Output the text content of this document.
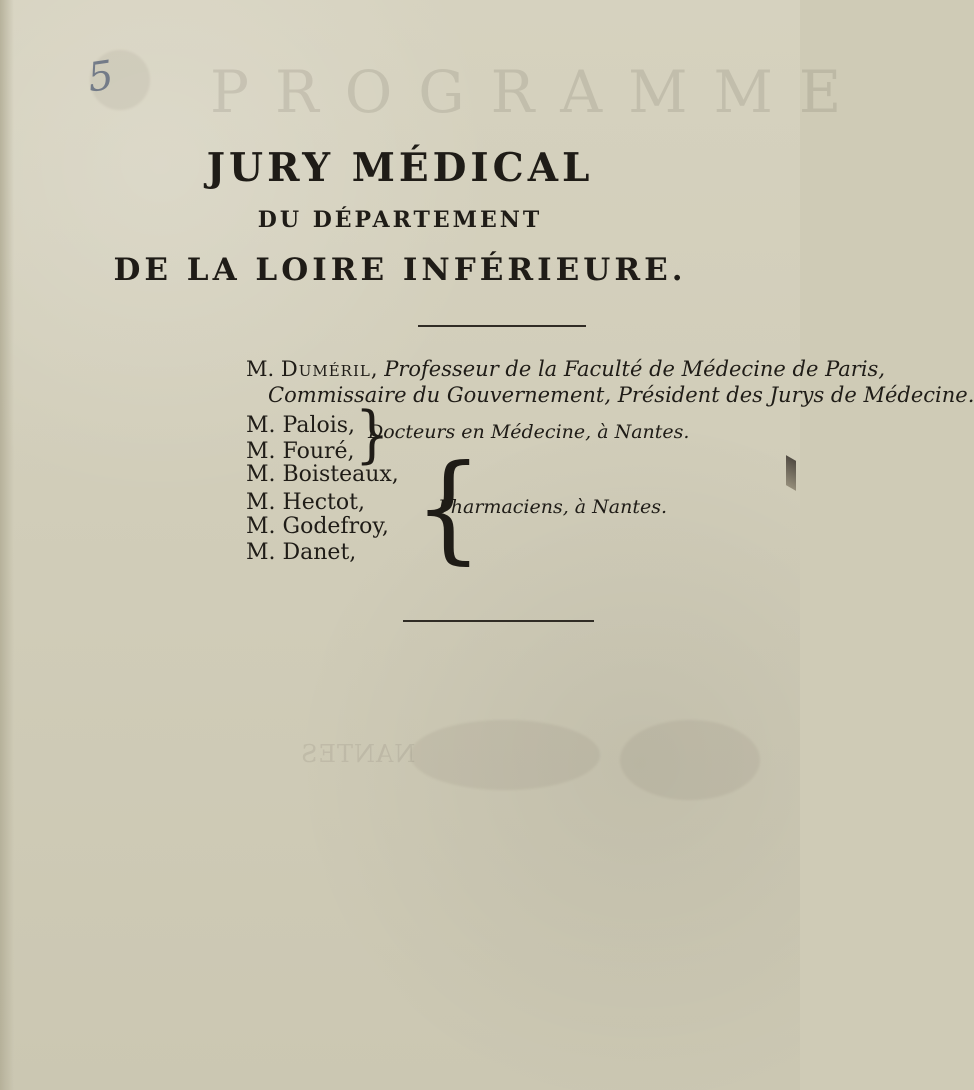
PROGRAMME
5
JURY MÉDICAL
DU DÉPARTEMENT
DE LA LOIRE INFÉRIEURE.
M. Duméril, Professeur de la Faculté de Médecine de Paris,
Commissaire du Gouvernement, Président des Jurys de Médecine.
M. Palois,
M. Fouré, }
Docteurs en Médecine, à Nantes.
M. Boisteaux,
M. Hectot,
M. Godefroy,
M. Danet, {
Pharmaciens, à Nantes.
NANTES
